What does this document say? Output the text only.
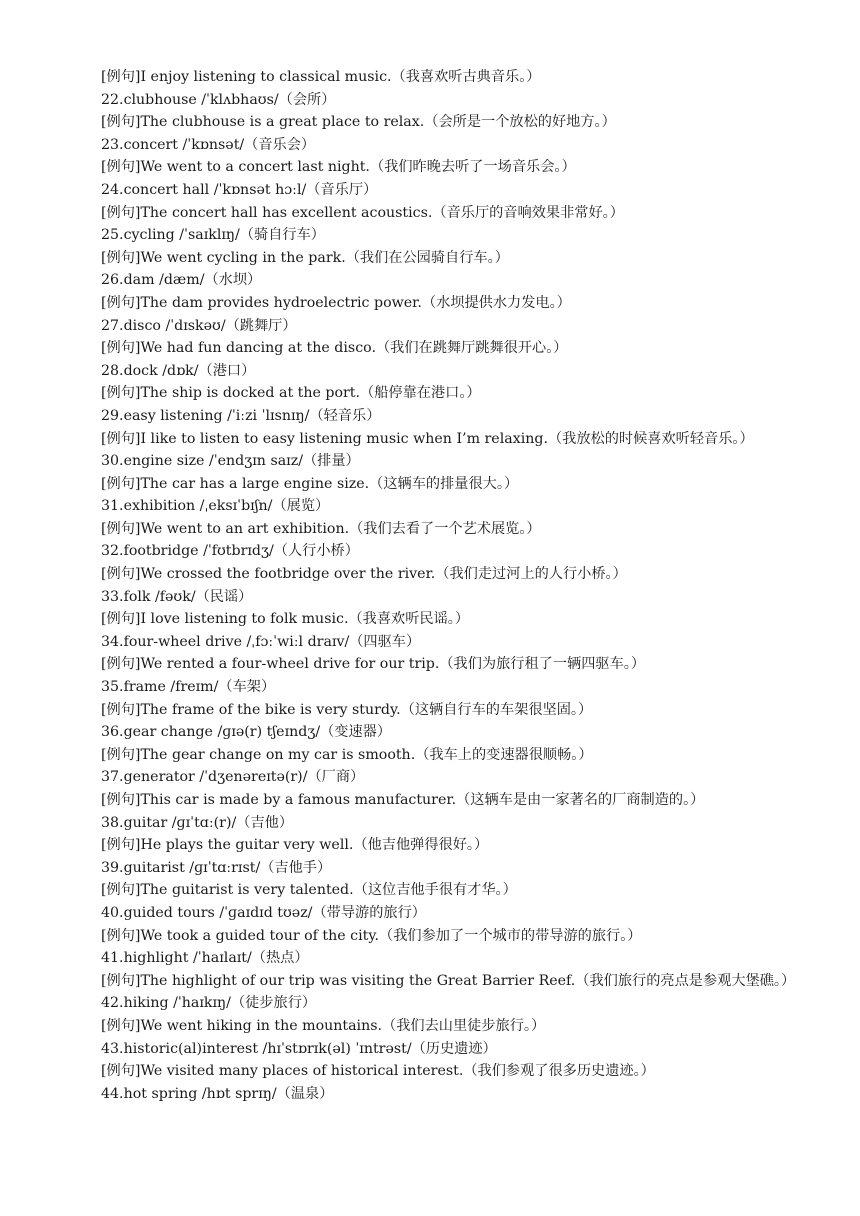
[例句]I enjoy listening to classical music.（我喜欢听古典音乐。）
22.clubhouse /ˈklʌbhaʊs/（会所）
[例句]The clubhouse is a great place to relax.（会所是一个放松的好地方。）
23.concert /ˈkɒnsət/（音乐会）
[例句]We went to a concert last night.（我们昨晚去听了一场音乐会。）
24.concert hall /ˈkɒnsət hɔːl/（音乐厅）
[例句]The concert hall has excellent acoustics.（音乐厅的音响效果非常好。）
25.cycling /ˈsaɪklɪŋ/（骑自行车）
[例句]We went cycling in the park.（我们在公园骑自行车。）
26.dam /dæm/（水坝）
[例句]The dam provides hydroelectric power.（水坝提供水力发电。）
27.disco /ˈdɪskəʊ/（跳舞厅）
[例句]We had fun dancing at the disco.（我们在跳舞厅跳舞很开心。）
28.dock /dɒk/（港口）
[例句]The ship is docked at the port.（船停靠在港口。）
29.easy listening /ˈiːzi ˈlɪsnɪŋ/（轻音乐）
[例句]I like to listen to easy listening music when I’m relaxing.（我放松的时候喜欢听轻音乐。）
30.engine size /ˈendʒɪn saɪz/（排量）
[例句]The car has a large engine size.（这辆车的排量很大。）
31.exhibition /ˌeksɪˈbɪʃn/（展览）
[例句]We went to an art exhibition.（我们去看了一个艺术展览。）
32.footbridge /ˈfʊtbrɪdʒ/（人行小桥）
[例句]We crossed the footbridge over the river.（我们走过河上的人行小桥。）
33.folk /fəʊk/（民谣）
[例句]I love listening to folk music.（我喜欢听民谣。）
34.four-wheel drive /ˌfɔːˈwiːl draɪv/（四驱车）
[例句]We rented a four-wheel drive for our trip.（我们为旅行租了一辆四驱车。）
35.frame /freɪm/（车架）
[例句]The frame of the bike is very sturdy.（这辆自行车的车架很坚固。）
36.gear change /ɡɪə(r) tʃeɪndʒ/（变速器）
[例句]The gear change on my car is smooth.（我车上的变速器很顺畅。）
37.generator /ˈdʒenəreɪtə(r)/（厂商）
[例句]This car is made by a famous manufacturer.（这辆车是由一家著名的厂商制造的。）
38.guitar /ɡɪˈtɑː(r)/（吉他）
[例句]He plays the guitar very well.（他吉他弹得很好。）
39.guitarist /ɡɪˈtɑːrɪst/（吉他手）
[例句]The guitarist is very talented.（这位吉他手很有才华。）
40.guided tours /ˈɡaɪdɪd tʊəz/（带导游的旅行）
[例句]We took a guided tour of the city.（我们参加了一个城市的带导游的旅行。）
41.highlight /ˈhaɪlaɪt/（热点）
[例句]The highlight of our trip was visiting the Great Barrier Reef.（我们旅行的亮点是参观大堡礁。）
42.hiking /ˈhaɪkɪŋ/（徒步旅行）
[例句]We went hiking in the mountains.（我们去山里徒步旅行。）
43.historic(al)interest /hɪˈstɒrɪk(əl) ˈɪntrəst/（历史遗迹）
[例句]We visited many places of historical interest.（我们参观了很多历史遗迹。）
44.hot spring /hɒt sprɪŋ/（温泉）
